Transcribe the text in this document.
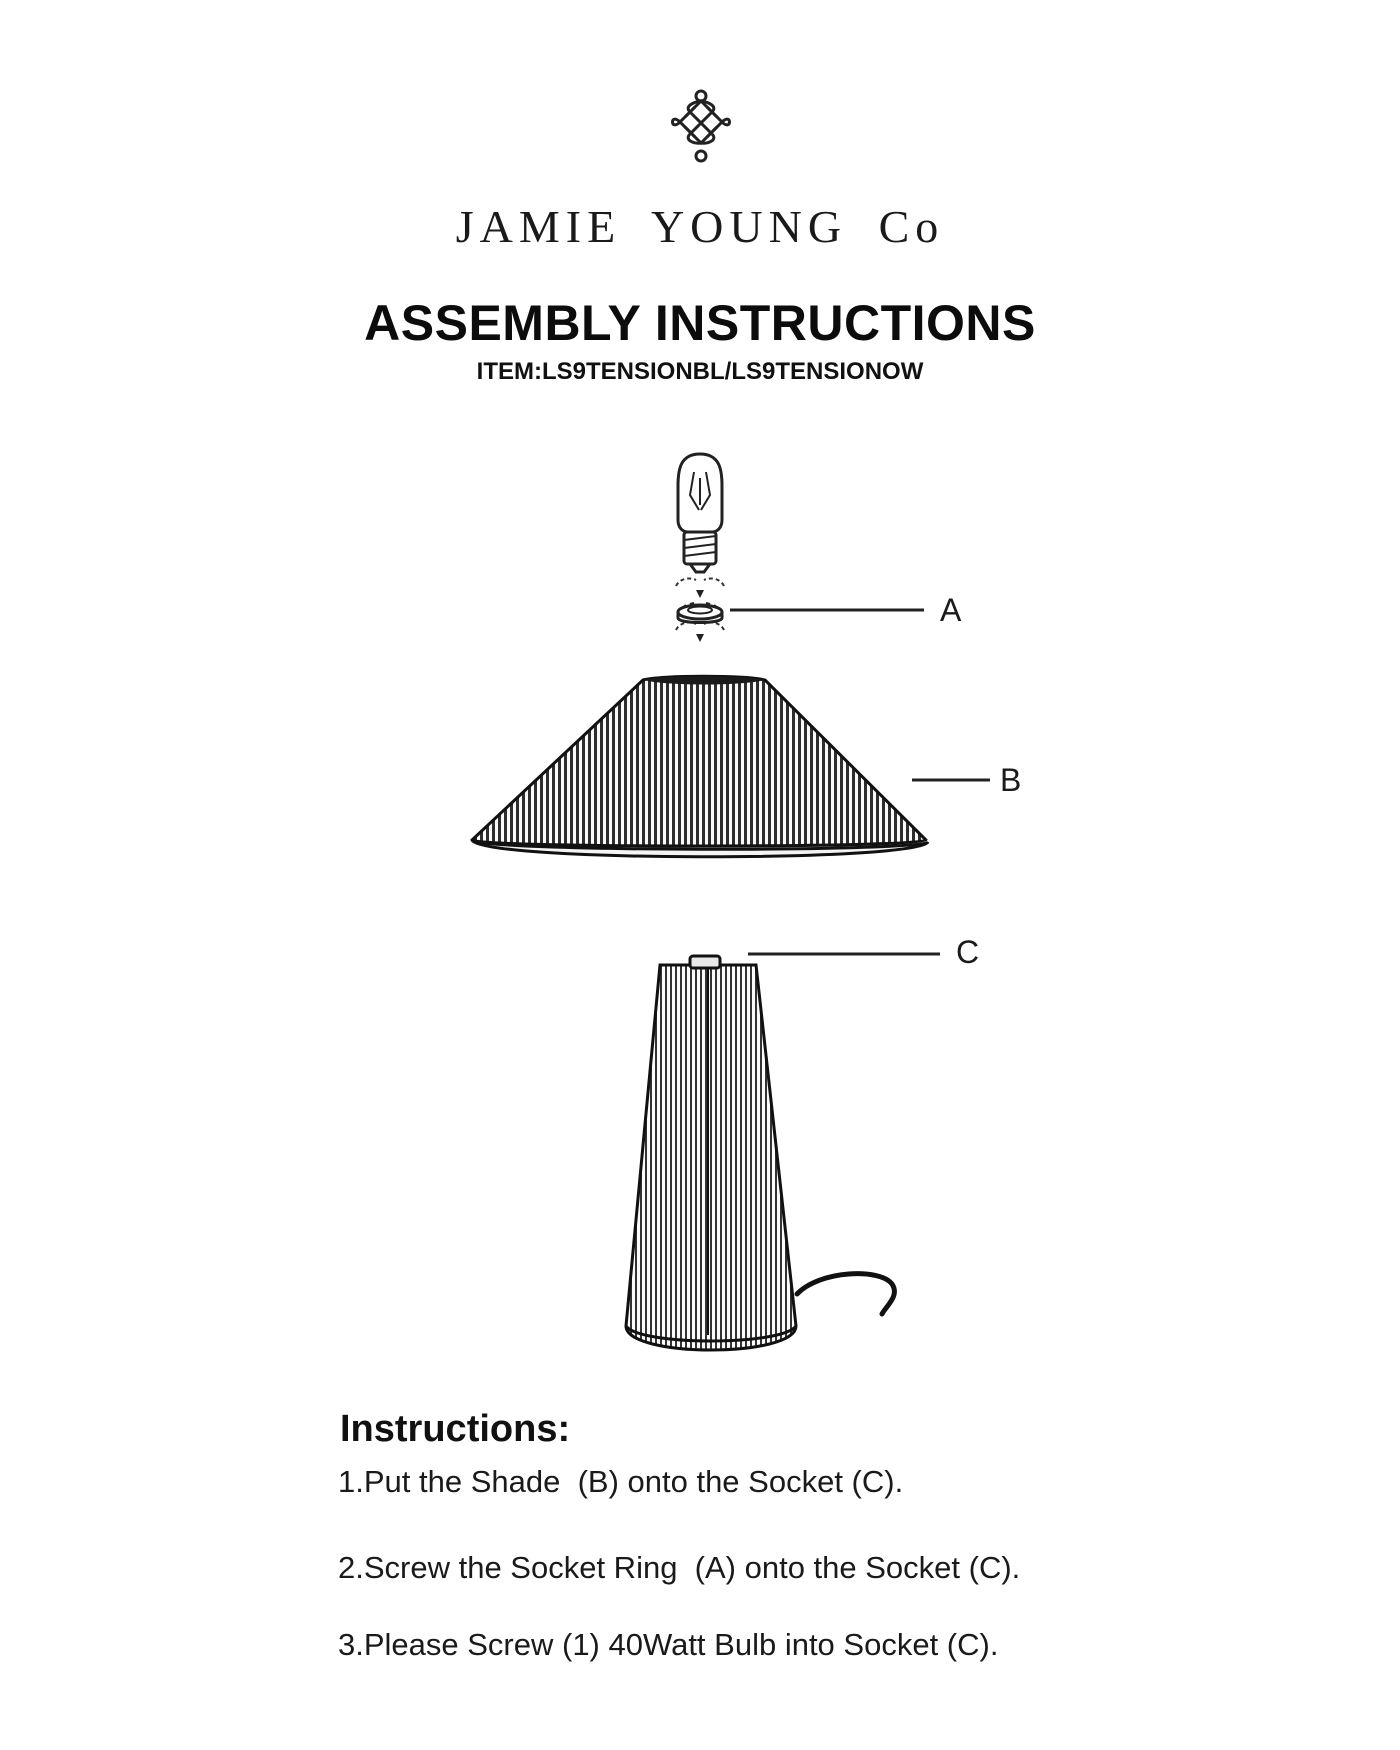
JAMIE YOUNG Co
ASSEMBLY INSTRUCTIONS
ITEM:LS9TENSIONBL/LS9TENSIONOW
A
B
C
Instructions:
1.Put the Shade  (B) onto the Socket (C).
2.Screw the Socket Ring  (A) onto the Socket (C).
3.Please Screw (1) 40Watt Bulb into Socket (C).
